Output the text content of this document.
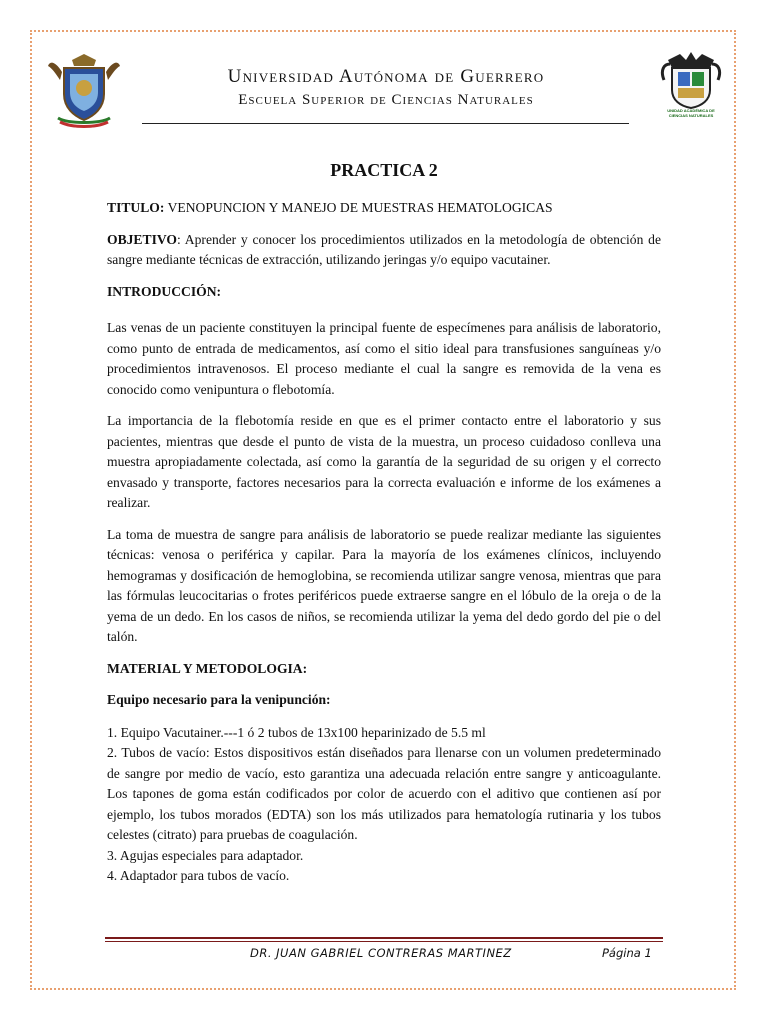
Universidad Autónoma de Guerrero
Escuela Superior de Ciencias Naturales
UNIDAD ACADÉMICA DE CIENCIAS NATURALES
PRACTICA 2

TITULO: VENOPUNCION Y MANEJO DE MUESTRAS HEMATOLOGICAS

OBJETIVO: Aprender y conocer los procedimientos utilizados en la metodología de obtención de sangre mediante técnicas de extracción, utilizando jeringas y/o equipo vacutainer.

INTRODUCCIÓN:

Las venas de un paciente constituyen la principal fuente de especímenes para análisis de laboratorio, como punto de entrada de medicamentos, así como el sitio ideal para transfusiones sanguíneas y/o procedimientos intravenosos. El proceso mediante el cual la sangre es removida de la vena es conocido como venipuntura o flebotomía.

La importancia de la flebotomía reside en que es el primer contacto entre el laboratorio y sus pacientes, mientras que desde el punto de vista de la muestra, un proceso cuidadoso conlleva una muestra apropiadamente colectada, así como la garantía de la seguridad de su origen y el correcto envasado y transporte, factores necesarios para la correcta evaluación e informe de los exámenes a realizar.

La toma de muestra de sangre para análisis de laboratorio se puede realizar mediante las siguientes técnicas: venosa o periférica y capilar. Para la mayoría de los exámenes clínicos, incluyendo hemogramas y dosificación de hemoglobina, se recomienda utilizar sangre venosa, mientras que para las fórmulas leucocitarias o frotes periféricos puede extraerse sangre en el lóbulo de la oreja o de la yema de un dedo. En los casos de niños, se recomienda utilizar la yema del dedo gordo del pie o del talón.

MATERIAL Y METODOLOGIA:

Equipo necesario para la venipunción:

1. Equipo Vacutainer.---1 ó 2 tubos de 13x100 heparinizado de 5.5 ml

2. Tubos de vacío: Estos dispositivos están diseñados para llenarse con un volumen predeterminado de sangre por medio de vacío, esto garantiza una adecuada relación entre sangre y anticoagulante. Los tapones de goma están codificados por color de acuerdo con el aditivo que contienen así por ejemplo, los tubos morados (EDTA) son los más utilizados para hematología rutinaria y los tubos celestes (citrato) para pruebas de coagulación.

3. Agujas especiales para adaptador.

4. Adaptador para tubos de vacío.

DR. JUAN GABRIEL CONTRERAS MARTINEZ	Página 1
